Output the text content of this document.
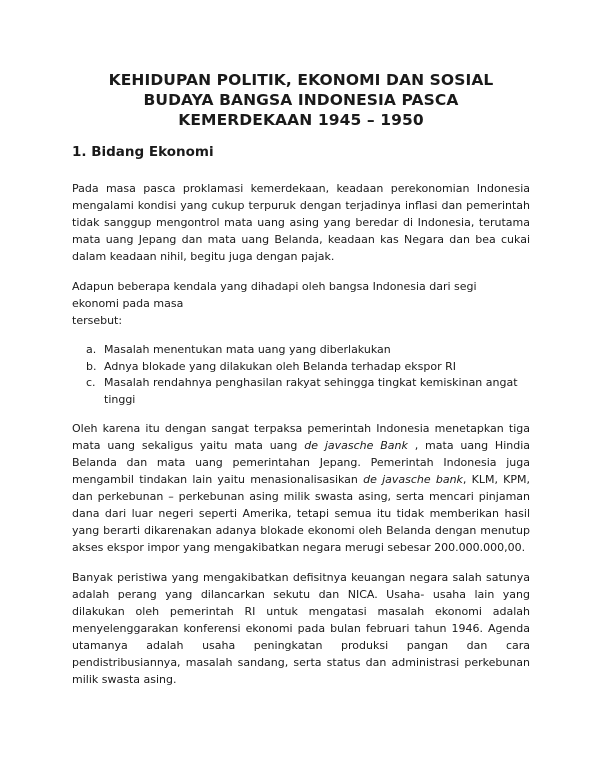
KEHIDUPAN POLITIK, EKONOMI DAN SOSIAL
BUDAYA BANGSA INDONESIA PASCA
KEMERDEKAAN 1945 – 1950
1. Bidang Ekonomi

Pada masa pasca proklamasi kemerdekaan, keadaan perekonomian Indonesia mengalami kondisi yang cukup terpuruk dengan terjadinya inflasi dan pemerintah tidak sanggup mengontrol mata uang asing yang beredar di Indonesia, terutama mata uang Jepang dan mata uang Belanda, keadaan kas Negara dan bea cukai dalam keadaan nihil, begitu juga dengan pajak.

Adapun beberapa kendala yang dihadapi oleh bangsa Indonesia dari segi
ekonomi pada masa
tersebut:

a. Masalah menentukan mata uang yang diberlakukan
b. Adnya blokade yang dilakukan oleh Belanda terhadap ekspor RI
c. Masalah rendahnya penghasilan rakyat sehingga tingkat kemiskinan angat tinggi

Oleh karena itu dengan sangat terpaksa pemerintah Indonesia menetapkan tiga mata uang sekaligus yaitu mata uang de javasche Bank , mata uang Hindia Belanda dan mata uang pemerintahan Jepang. Pemerintah Indonesia juga mengambil tindakan lain yaitu menasionalisasikan de javasche bank, KLM, KPM, dan perkebunan – perkebunan asing milik swasta asing, serta mencari pinjaman dana dari luar negeri seperti Amerika, tetapi semua itu tidak memberikan hasil yang berarti dikarenakan adanya blokade ekonomi oleh Belanda dengan menutup akses ekspor impor yang mengakibatkan negara merugi sebesar 200.000.000,00.

Banyak peristiwa yang mengakibatkan defisitnya keuangan negara salah satunya adalah perang yang dilancarkan sekutu dan NICA. Usaha- usaha lain yang dilakukan oleh pemerintah RI untuk mengatasi masalah ekonomi adalah menyelenggarakan konferensi ekonomi pada bulan februari tahun 1946. Agenda utamanya adalah usaha peningkatan produksi pangan dan cara pendistribusiannya, masalah sandang, serta status dan administrasi perkebunan milik swasta asing.
